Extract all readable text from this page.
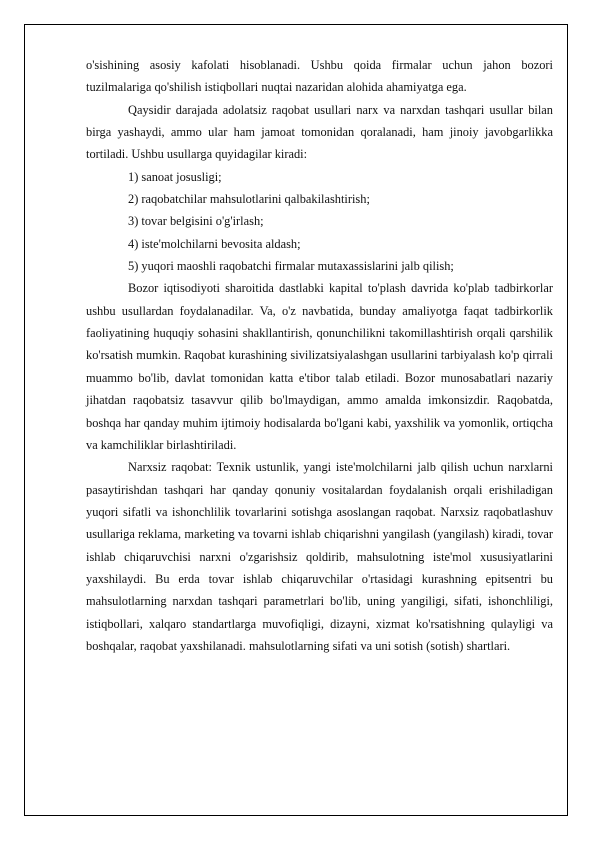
o'sishining asosiy kafolati hisoblanadi. Ushbu qoida firmalar uchun jahon bozori tuzilmalariga qo'shilish istiqbollari nuqtai nazaridan alohida ahamiyatga ega.

Qaysidir darajada adolatsiz raqobat usullari narx va narxdan tashqari usullar bilan birga yashaydi, ammo ular ham jamoat tomonidan qoralanadi, ham jinoiy javobgarlikka tortiladi. Ushbu usullarga quyidagilar kiradi:

1) sanoat josusligi;

2) raqobatchilar mahsulotlarini qalbakilashtirish;

3) tovar belgisini o'g'irlash;

4) iste'molchilarni bevosita aldash;

5) yuqori maoshli raqobatchi firmalar mutaxassislarini jalb qilish;

Bozor iqtisodiyoti sharoitida dastlabki kapital to'plash davrida ko'plab tadbirkorlar ushbu usullardan foydalanadilar. Va, o'z navbatida, bunday amaliyotga faqat tadbirkorlik faoliyatining huquqiy sohasini shakllantirish, qonunchilikni takomillashtirish orqali qarshilik ko'rsatish mumkin. Raqobat kurashining sivilizatsiyalashgan usullarini tarbiyalash ko'p qirrali muammo bo'lib, davlat tomonidan katta e'tibor talab etiladi. Bozor munosabatlari nazariy jihatdan raqobatsiz tasavvur qilib bo'lmaydigan, ammo amalda imkonsizdir. Raqobatda, boshqa har qanday muhim ijtimoiy hodisalarda bo'lgani kabi, yaxshilik va yomonlik, ortiqcha va kamchiliklar birlashtiriladi.

Narxsiz raqobat: Texnik ustunlik, yangi iste'molchilarni jalb qilish uchun narxlarni pasaytirishdan tashqari har qanday qonuniy vositalardan foydalanish orqali erishiladigan yuqori sifatli va ishonchlilik tovarlarini sotishga asoslangan raqobat. Narxsiz raqobatlashuv usullariga reklama, marketing va tovarni ishlab chiqarishni yangilash (yangilash) kiradi, tovar ishlab chiqaruvchisi narxni o'zgarishsiz qoldirib, mahsulotning iste'mol xususiyatlarini yaxshilaydi. Bu erda tovar ishlab chiqaruvchilar o'rtasidagi kurashning epitsentri bu mahsulotlarning narxdan tashqari parametrlari bo'lib, uning yangiligi, sifati, ishonchliligi, istiqbollari, xalqaro standartlarga muvofiqligi, dizayni, xizmat ko'rsatishning qulayligi va boshqalar, raqobat yaxshilanadi. mahsulotlarning sifati va uni sotish (sotish) shartlari.
